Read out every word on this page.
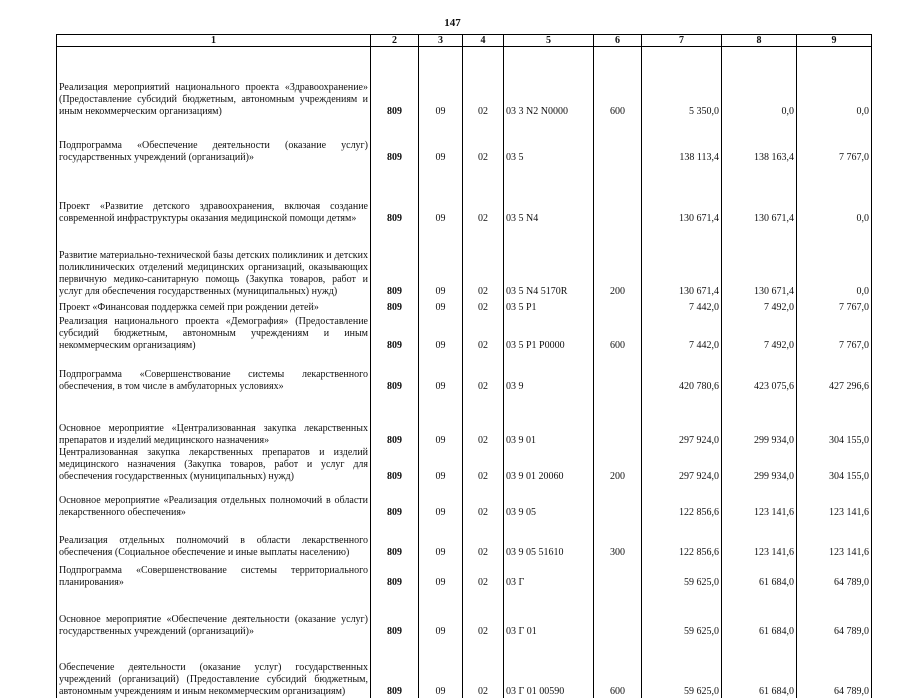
147
1	2	3	4	5	6	7	8	9
Реализация мероприятий национального проекта «Здравоохранение» (Предоставление субсидий бюджетным, автономным учреждениям и иным некоммерческим организациям)	809	09	02	03 3 N2 N0000	600	5 350,0	0,0	0,0
Подпрограмма «Обеспечение деятельности (оказание услуг) государственных учреждений (организаций)»	809	09	02	03 5		138 113,4	138 163,4	7 767,0
Проект «Развитие детского здравоохранения, включая создание современной инфраструктуры оказания медицинской помощи детям»	809	09	02	03 5 N4		130 671,4	130 671,4	0,0
Развитие материально-технической базы детских поликлиник и детских поликлинических отделений медицинских организаций, оказывающих первичную медико-санитарную помощь (Закупка товаров, работ и услуг для обеспечения государственных (муниципальных) нужд)	809	09	02	03 5 N4 5170R	200	130 671,4	130 671,4	0,0
Проект «Финансовая поддержка семей при рождении детей»	809	09	02	03 5 P1		7 442,0	7 492,0	7 767,0
Реализация национального проекта «Демография» (Предоставление субсидий бюджетным, автономным учреждениям и иным некоммерческим организациям)	809	09	02	03 5 P1 P0000	600	7 442,0	7 492,0	7 767,0
Подпрограмма «Совершенствование системы лекарственного обеспечения, в том числе в амбулаторных условиях»	809	09	02	03 9		420 780,6	423 075,6	427 296,6
Основное мероприятие «Централизованная закупка лекарственных препаратов и изделий медицинского назначения»	809	09	02	03 9 01		297 924,0	299 934,0	304 155,0
Централизованная закупка лекарственных препаратов и изделий медицинского назначения (Закупка товаров, работ и услуг для обеспечения государственных (муниципальных) нужд)	809	09	02	03 9 01 20060	200	297 924,0	299 934,0	304 155,0
Основное мероприятие «Реализация отдельных полномочий в области лекарственного обеспечения»	809	09	02	03 9 05		122 856,6	123 141,6	123 141,6
Реализация отдельных полномочий в области лекарственного обеспечения (Социальное обеспечение и иные выплаты населению)	809	09	02	03 9 05 51610	300	122 856,6	123 141,6	123 141,6
Подпрограмма «Совершенствование системы территориального планирования»	809	09	02	03 Г		59 625,0	61 684,0	64 789,0
Основное мероприятие «Обеспечение деятельности (оказание услуг) государственных учреждений (организаций)»	809	09	02	03 Г 01		59 625,0	61 684,0	64 789,0
Обеспечение деятельности (оказание услуг) государственных учреждений (организаций) (Предоставление субсидий бюджетным, автономным учреждениям и иным некоммерческим организациям)	809	09	02	03 Г 01 00590	600	59 625,0	61 684,0	64 789,0
